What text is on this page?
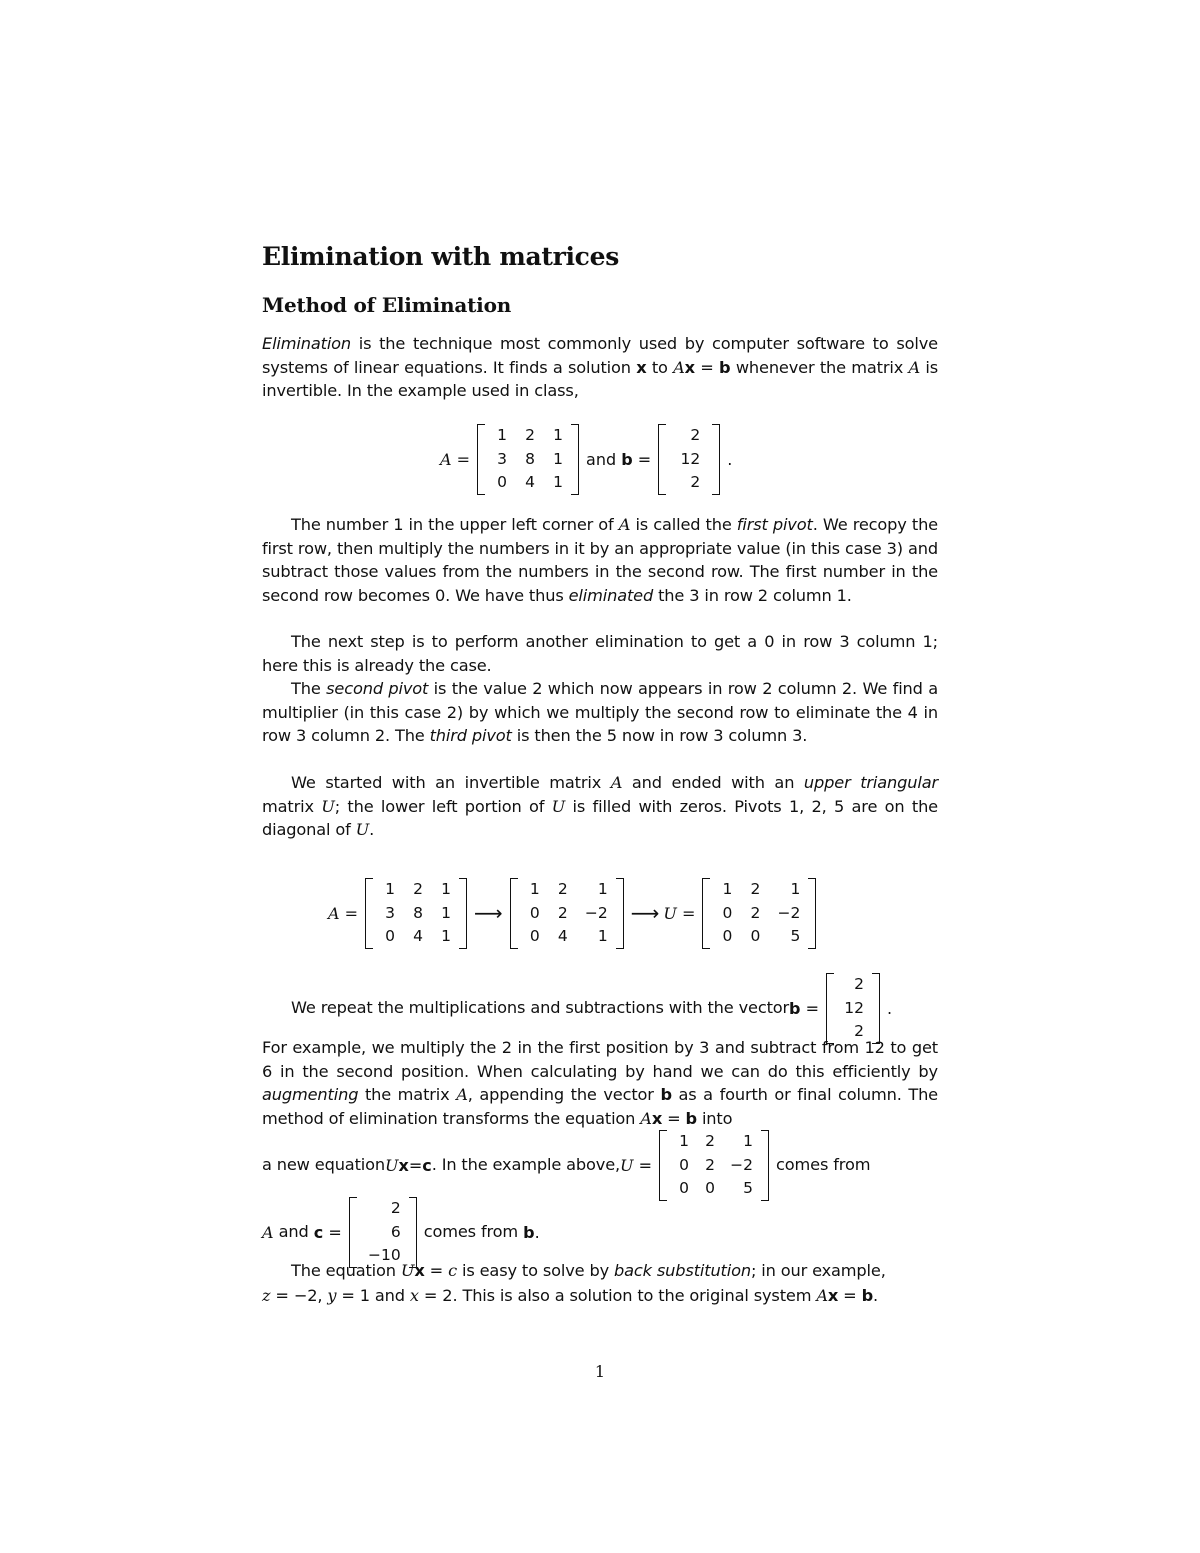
Elimination with matrices
Method of Elimination

Elimination is the technique most commonly used by computer software to solve systems of linear equations. It finds a solution x to Ax = b whenever the matrix A is invertible. In the example used in class,

A =
1 2 1
3 8 1
0 4 1
and
b
=
2
12
2
.

The number 1 in the upper left corner of A is called the first pivot. We recopy the first row, then multiply the numbers in it by an appropriate value (in this case 3) and subtract those values from the numbers in the second row. The first number in the second row becomes 0. We have thus eliminated the 3 in row 2 column 1.

The next step is to perform another elimination to get a 0 in row 3 column 1; here this is already the case.

The second pivot is the value 2 which now appears in row 2 column 2. We find a multiplier (in this case 2) by which we multiply the second row to eliminate the 4 in row 3 column 2. The third pivot is then the 5 now in row 3 column 3.

We started with an invertible matrix A and ended with an upper triangular matrix U; the lower left portion of U is filled with zeros. Pivots 1, 2, 5 are on the diagonal of U.

A =
1 2 1
3 8 1
0 4 1
⟶
1 2	1
0 2 −2
0 4	1
⟶ U =
1 2	1
0 2 −2
0 0	5
We repeat the multiplications and subtractions with the vector b
=
2
12
2
.

For example, we multiply the 2 in the first position by 3 and subtract from 12 to get 6 in the second position. When calculating by hand we can do this efficiently by augmenting the matrix A, appending the vector b as a fourth or final column. The method of elimination transforms the equation Ax = b into

a new equation U x = c . In the example above, U
=
1 2	1
0 2 −2
0 0	5
comes from
A
and
c
=
2
6
−10
comes from
b .

The equation Ux = c is easy to solve by back substitution; in our example,

z = −2, y = 1 and x = 2. This is also a solution to the original system Ax = b.

1
